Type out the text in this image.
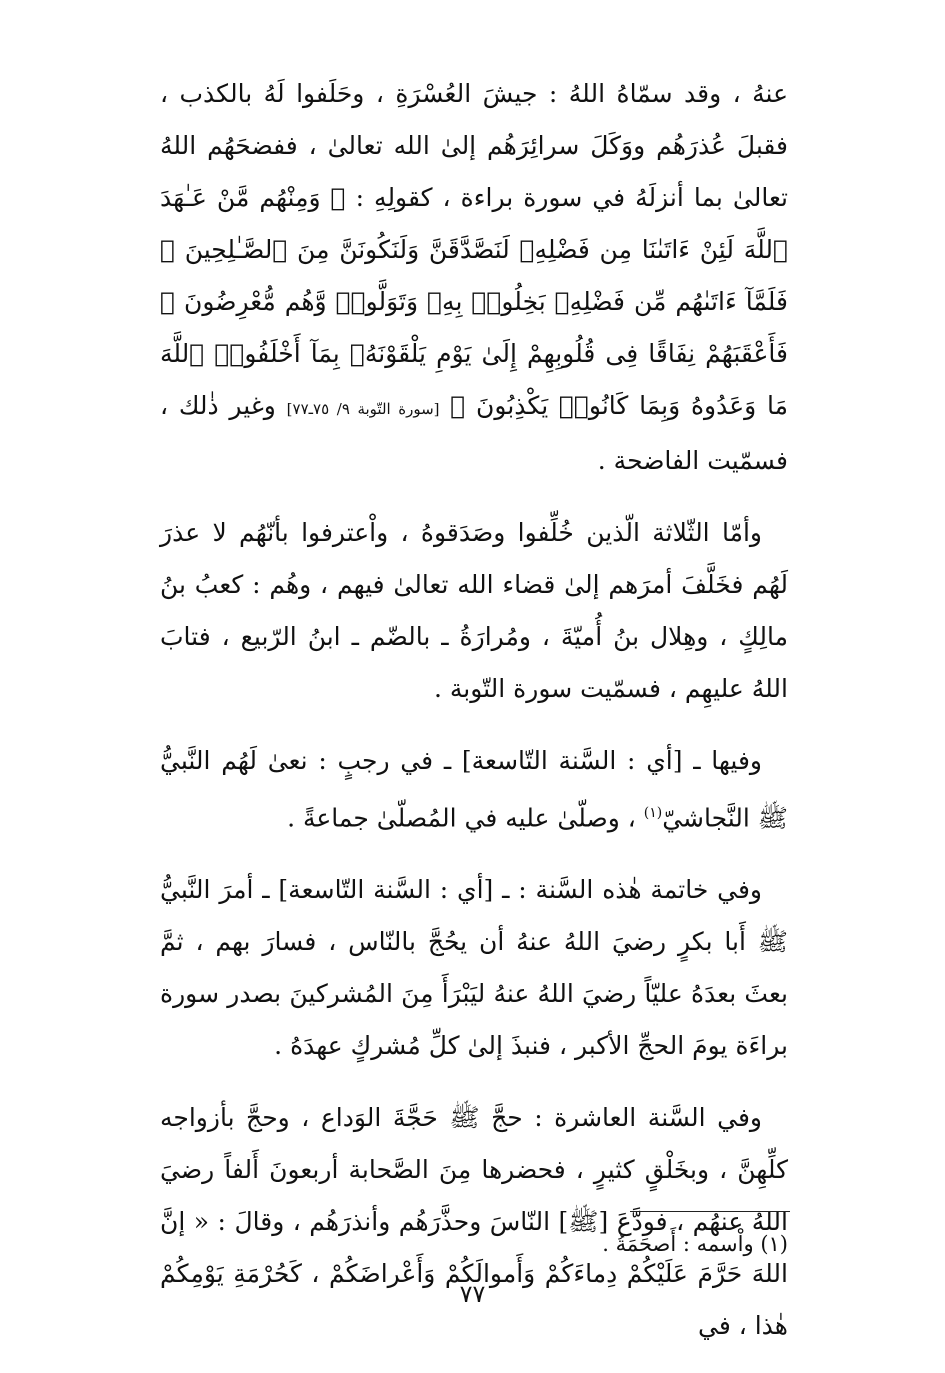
عنهُ ، وقد سمّاهُ اللهُ : جيشَ العُسْرَةِ ، وحَلَفوا لَهُ بالكذب ، فقبلَ عُذرَهُم ووَكَلَ سرائِرَهُم إلىٰ الله تعالىٰ ، ففضحَهُم اللهُ تعالىٰ بما أنزلَهُ في سورة براءة ، كقولِهِ : ﴿ وَمِنْهُم مَّنْ عَـٰهَدَ ٱللَّهَ لَئِنْ ءَاتَىٰنَا مِن فَضْلِهِۦ لَنَصَّدَّقَنَّ وَلَنَكُونَنَّ مِنَ ٱلصَّـٰلِحِينَ ۞ فَلَمَّآ ءَاتَىٰهُم مِّن فَضْلِهِۦ بَخِلُوا۟ بِهِۦ وَتَوَلَّوا۟ وَّهُم مُّعْرِضُونَ ۞ فَأَعْقَبَهُمْ نِفَاقًا فِى قُلُوبِهِمْ إِلَىٰ يَوْمِ يَلْقَوْنَهُۥ بِمَآ أَخْلَفُوا۟ ٱللَّهَ مَا وَعَدُوهُ وَبِمَا كَانُوا۟ يَكْذِبُونَ ﴾ [سورة التّوبة ٩/ ٧٥ـ٧٧] وغير ذٰلك ، فسمّيت الفاضحة .

وأمّا الثّلاثة الّذين خُلِّفوا وصَدَقوهُ ، واْعترفوا بأنّهُم لا عذرَ لَهُم فخَلَّفَ أمرَهم إلىٰ قضاء الله تعالىٰ فيهم ، وهُم : كعبُ بنُ مالِكٍ ، وهِلال بنُ أُميّةَ ، ومُرارَةُ ـ بالضّم ـ ابنُ الرّبيع ، فتابَ اللهُ عليهِم ، فسمّيت سورة التّوبة .

وفيها ـ [أي : السَّنة التّاسعة] ـ في رجبٍ : نعىٰ لَهُم النَّبيُّ ﷺ النَّجاشيّ$^{(١)}$ ، وصلّىٰ عليه في المُصلّىٰ جماعةً .

وفي خاتمة هٰذه السَّنة : ـ [أي : السَّنة التّاسعة] ـ أمرَ النَّبيُّ ﷺ أَبا بكرٍ رضيَ اللهُ عنهُ أن يحُجَّ بالنّاس ، فسارَ بهم ، ثمَّ بعثَ بعدَهُ عليّاً رضيَ اللهُ عنهُ ليَبْرَأَ مِنَ المُشركينَ بصدر سورة براءَة يومَ الحجِّ الأكبر ، فنبذَ إلىٰ كلِّ مُشركٍ عهدَهُ .

وفي السَّنة العاشرة : حجَّ ﷺ حَجَّةَ الوَداع ، وحجَّ بأزواجه كلِّهِنَّ ، وبخَلْقٍ كثيرٍ ، فحضرها مِنَ الصَّحابة أربعونَ أَلفاً رضيَ اللهُ عنهُم ، فودَّعَ [ﷺ] النّاسَ وحذَّرَهُم وأنذرَهُم ، وقالَ : « إنَّ اللهَ حَرَّمَ عَلَيْكُمْ دِماءَكُمْ وَأَموالَكُمْ وَأَعْراضَكُمْ ، كَحُرْمَةِ يَوْمِكُمْ هٰذا ، في

(١) واْسمه : أَصحَمَةُ .
٧٧
